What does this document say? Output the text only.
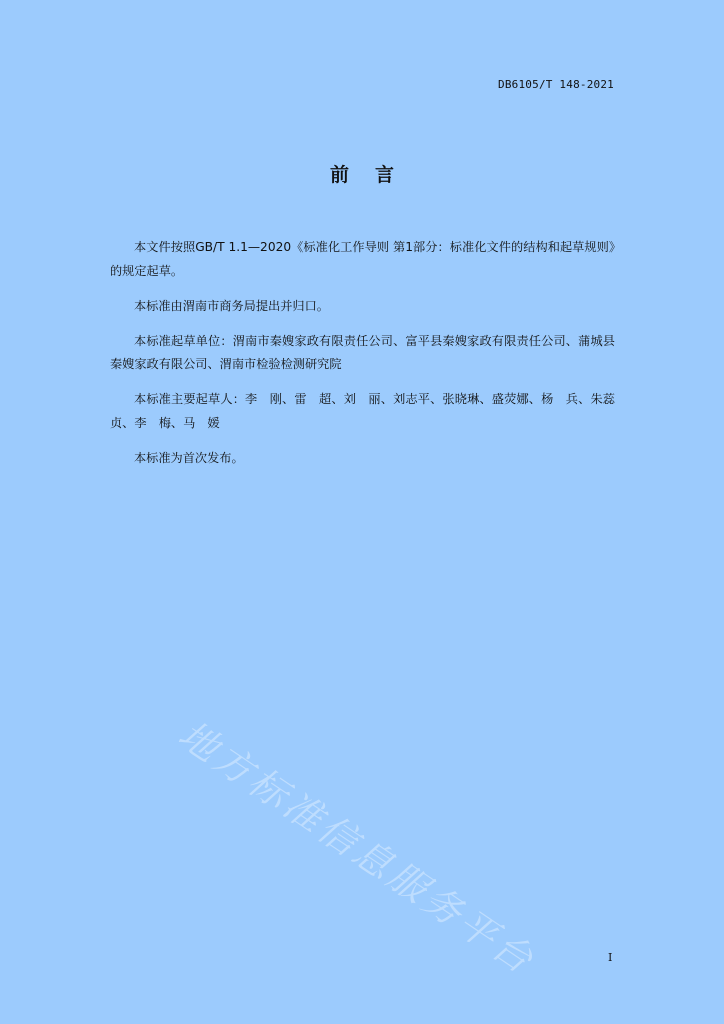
DB6105/T 148-2021
前言

本文件按照GB/T 1.1—2020《标准化工作导则 第1部分：标准化文件的结构和起草规则》的规定起草。

本标准由渭南市商务局提出并归口。

本标准起草单位：渭南市秦嫂家政有限责任公司、富平县秦嫂家政有限责任公司、蒲城县秦嫂家政有限公司、渭南市检验检测研究院

本标准主要起草人：李　刚、雷　超、刘　丽、刘志平、张晓琳、盛荧娜、杨　兵、朱蕊贞、李　梅、马　媛

本标准为首次发布。

地方标准信息服务平台	I
